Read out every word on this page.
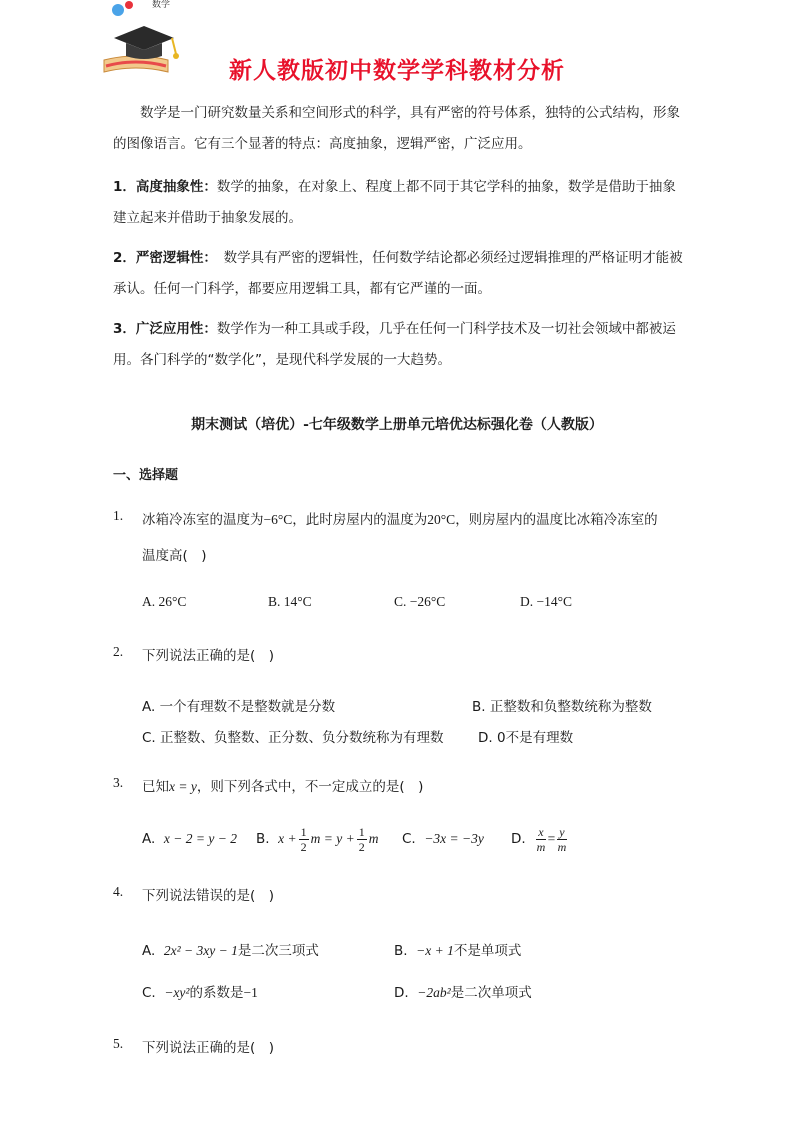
数学
新人教版初中数学学科教材分析
数学是一门研究数量关系和空间形式的科学，具有严密的符号体系，独特的公式结构，形象的图像语言。它有三个显著的特点：高度抽象，逻辑严密，广泛应用。
1．高度抽象性：数学的抽象，在对象上、程度上都不同于其它学科的抽象，数学是借助于抽象建立起来并借助于抽象发展的。
2．严密逻辑性：　数学具有严密的逻辑性，任何数学结论都必须经过逻辑推理的严格证明才能被承认。任何一门科学，都要应用逻辑工具，都有它严谨的一面。
3．广泛应用性：数学作为一种工具或手段，几乎在任何一门科学技术及一切社会领域中都被运用。各门科学的“数学化”，是现代科学发展的一大趋势。
期末测试（培优）-七年级数学上册单元培优达标强化卷（人教版）
一、选择题
1. 冰箱冷冻室的温度为−6°C，此时房屋内的温度为20°C，则房屋内的温度比冰箱冷冻室的
温度高(　)
A. 26°C	B. 14°C	C. −26°C	D. −14°C
2. 下列说法正确的是(　)
A. 一个有理数不是整数就是分数	B. 正整数和负整数统称为整数
C. 正整数、负整数、正分数、负分数统称为有理数	D. 0不是有理数
3. 已知x = y，则下列各式中，不一定成立的是(　)
A.
x − 2 = y − 2 B.
$x + \frac{1}{2}$ $m = y + \frac{1}{2}$ m C.
−3x = −3y D.
$\frac{x}{m} = \frac{y}{m}$
4. 下列说法错误的是(　)
A. 2x² − 3xy − 1是二次三项式	B. −x + 1不是单项式
C. −xy²的系数是−1	D. −2ab²是二次单项式
5. 下列说法正确的是(　)
